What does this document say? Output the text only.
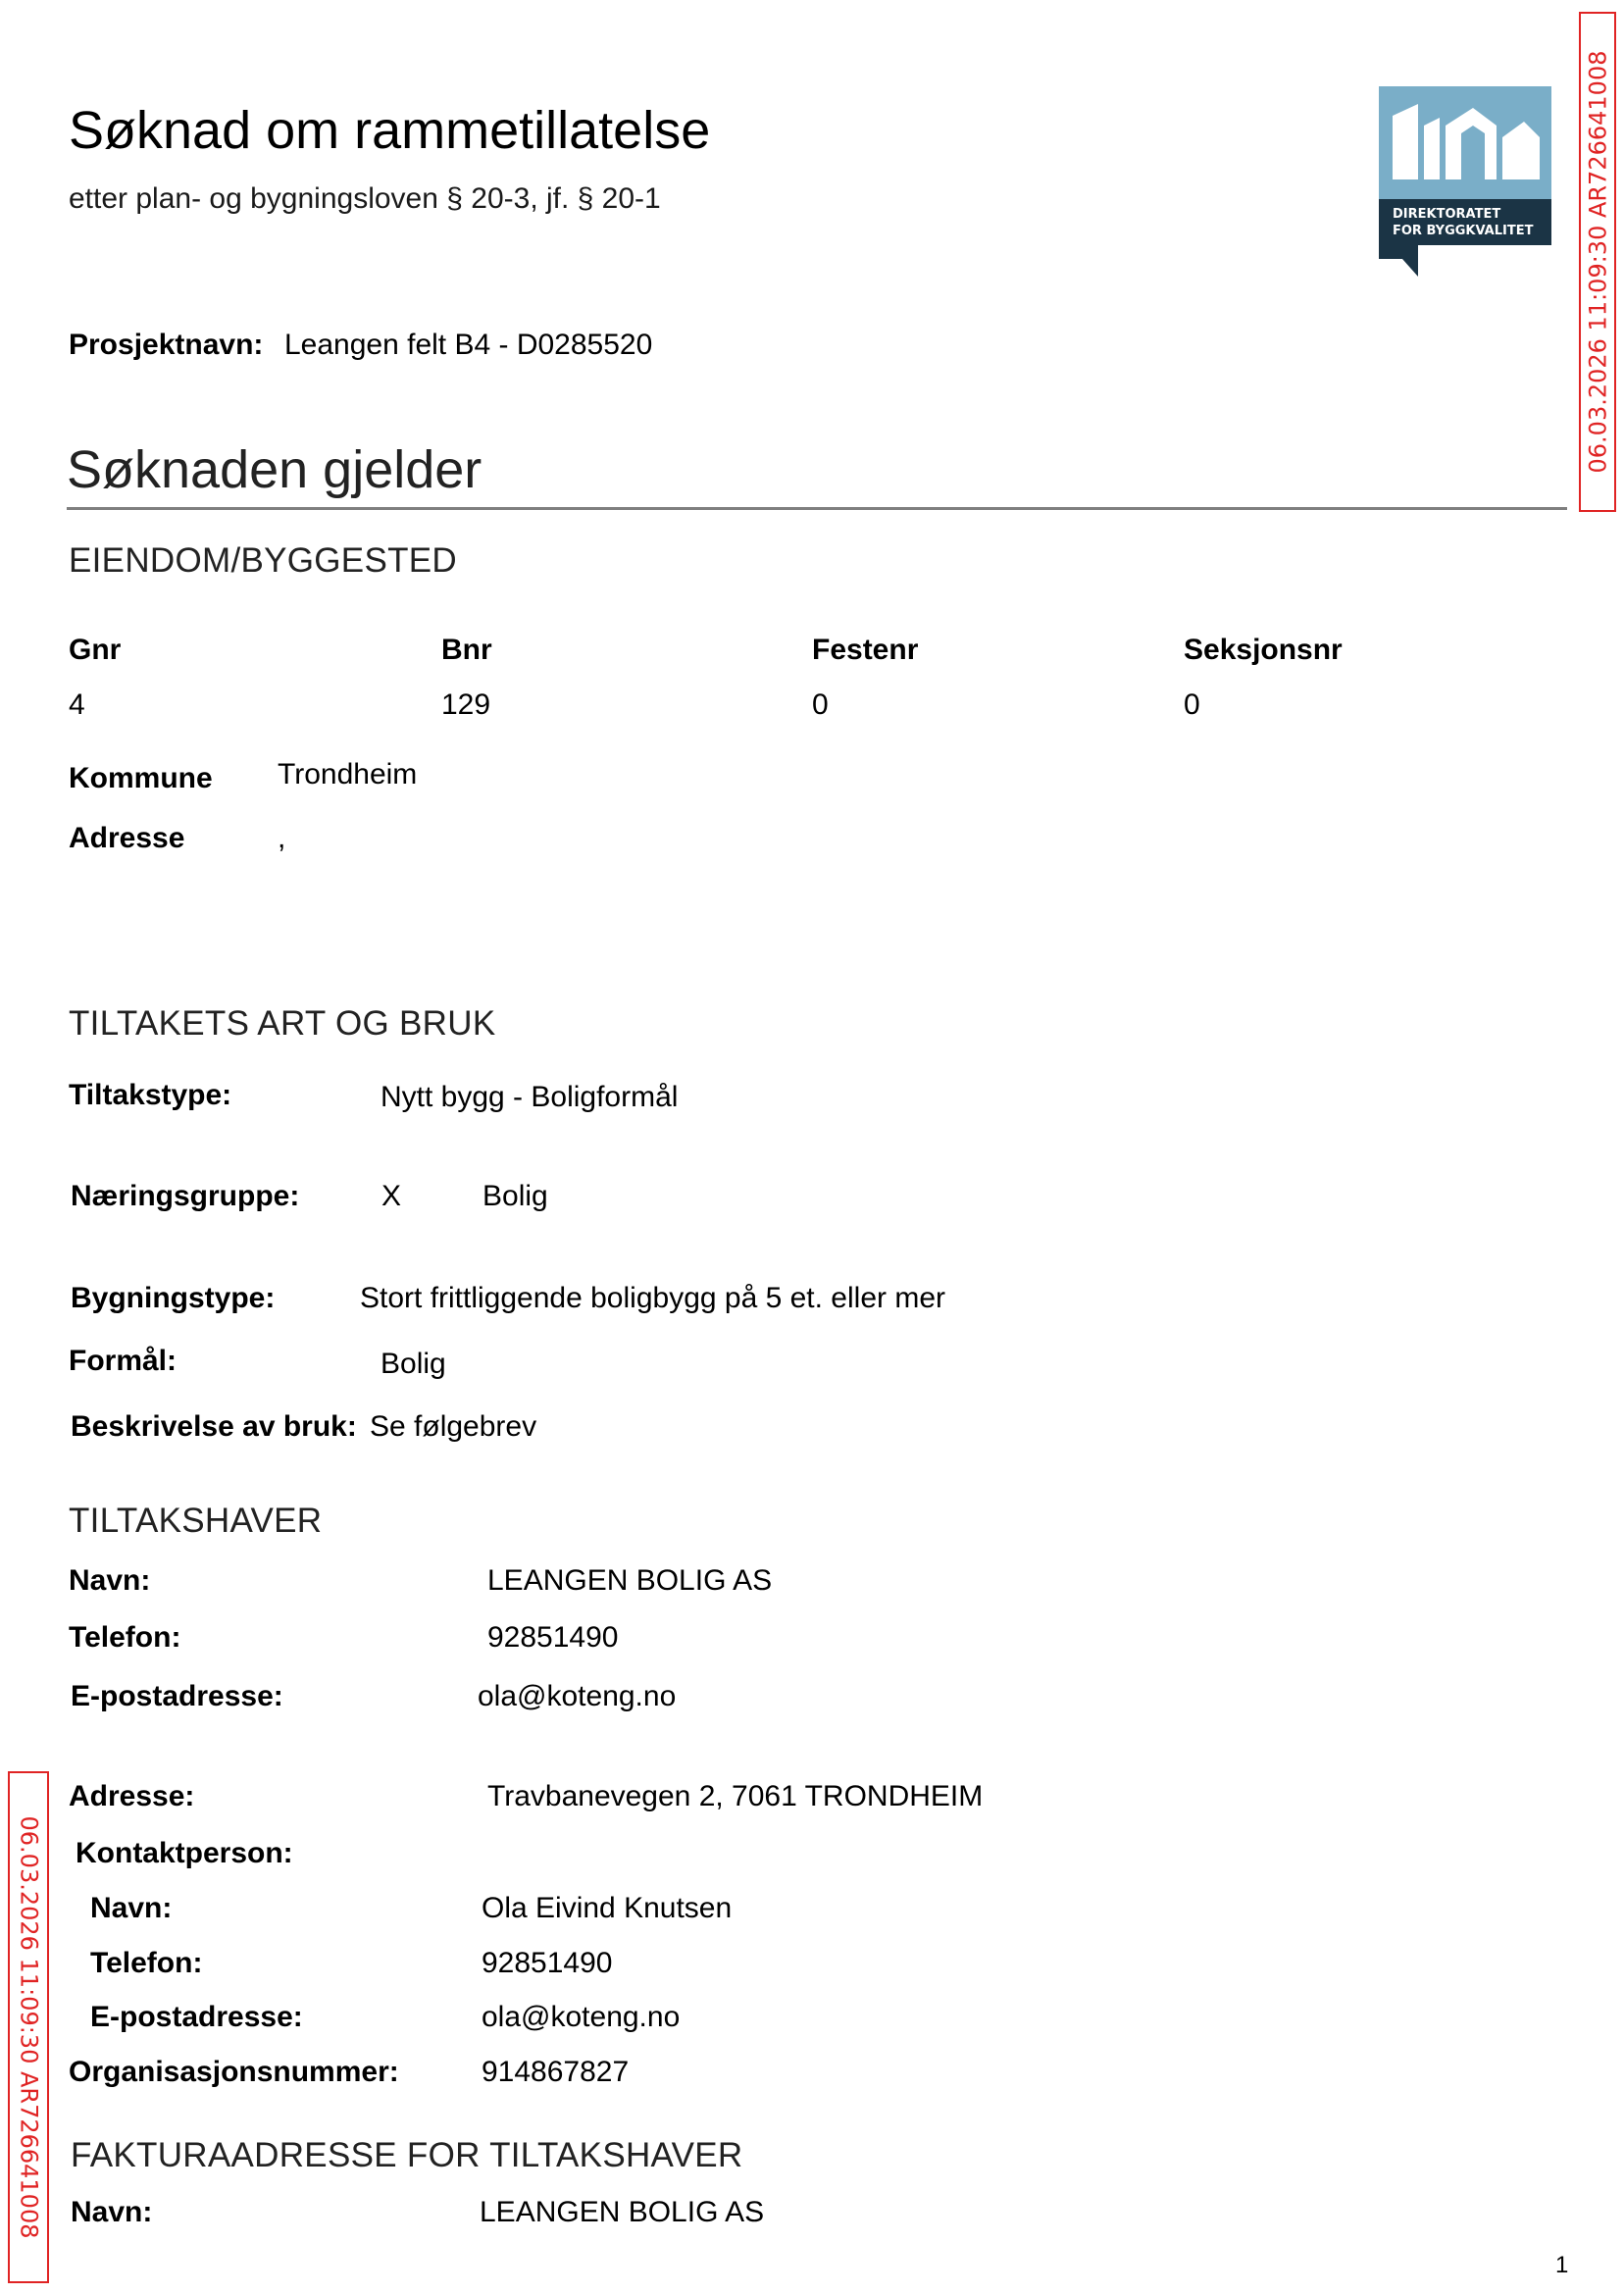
Søknad om rammetillatelse
etter plan- og bygningsloven § 20-3, jf. § 20-1	DIREKTORATET
FOR BYGGKVALITET 06.03.2026 11:09:30 AR726641008
06.03.2026 11:09:30 AR726641008
Prosjektnavn: Leangen felt B4 - D0285520
Søknaden gjelder
EIENDOM/BYGGESTED
Gnr	Bnr	Festenr	Seksjonsnr
4	129	0	0
Kommune Trondheim
Adresse	,
TILTAKETS ART OG BRUK
Tiltakstype:	Nytt bygg - Boligformål
Næringsgruppe:	X	Bolig
Bygningstype:	Stort frittliggende boligbygg på 5 et. eller mer
Formål:	Bolig
Beskrivelse av bruk: Se følgebrev
TILTAKSHAVER
Navn:	LEANGEN BOLIG AS
Telefon:	92851490
E-postadresse:	ola@koteng.no
Adresse:	Travbanevegen 2, 7061 TRONDHEIM
Kontaktperson:
Navn:	Ola Eivind Knutsen
Telefon:	92851490
E-postadresse:	ola@koteng.no
Organisasjonsnummer:	914867827
FAKTURAADRESSE FOR TILTAKSHAVER
Navn:	LEANGEN BOLIG AS
1
